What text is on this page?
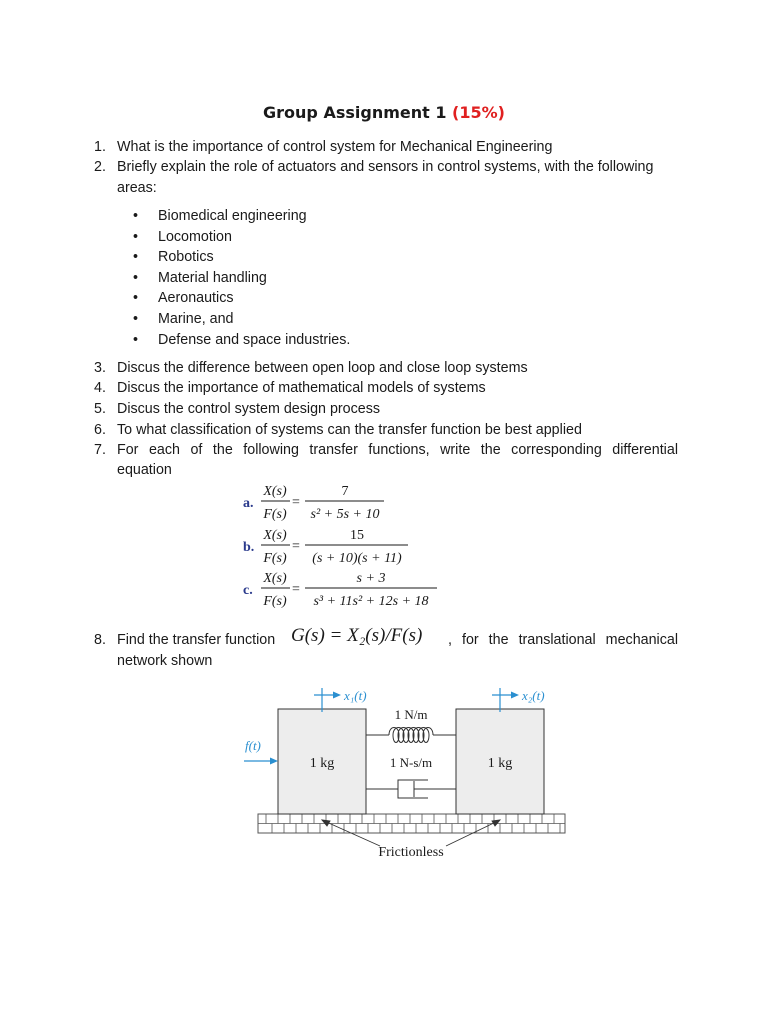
Group Assignment 1 (15%)
1. What is the importance of control system for Mechanical Engineering
2. Briefly explain the role of actuators and sensors in control systems, with the following areas:
•	Biomedical engineering
•	Locomotion
•	Robotics
•	Material handling
•	Aeronautics
•	Marine, and
•	Defense and space industries.
3. Discus the difference between open loop and close loop systems
4. Discus the importance of mathematical models of systems
5. Discus the control system design process
6. To what classification of systems can the transfer function be best applied
7. For each of the following transfer functions, write the corresponding differential
equation
a.
X(s)
F(s)
=
7
s² + 5s + 10
b.
X(s)
F(s)
=
15
(s + 10)(s + 11)
c.
X(s)
F(s)
=
s + 3
s³ + 11s² + 12s + 18
8. Find the transfer function G(s) = X₂(s)/F(s) , for the translational mechanical
network shown
1 kg	1 kg
1 N/m
1 N-s/m
f(t)
x₁(t)	x₂(t)
Frictionless
